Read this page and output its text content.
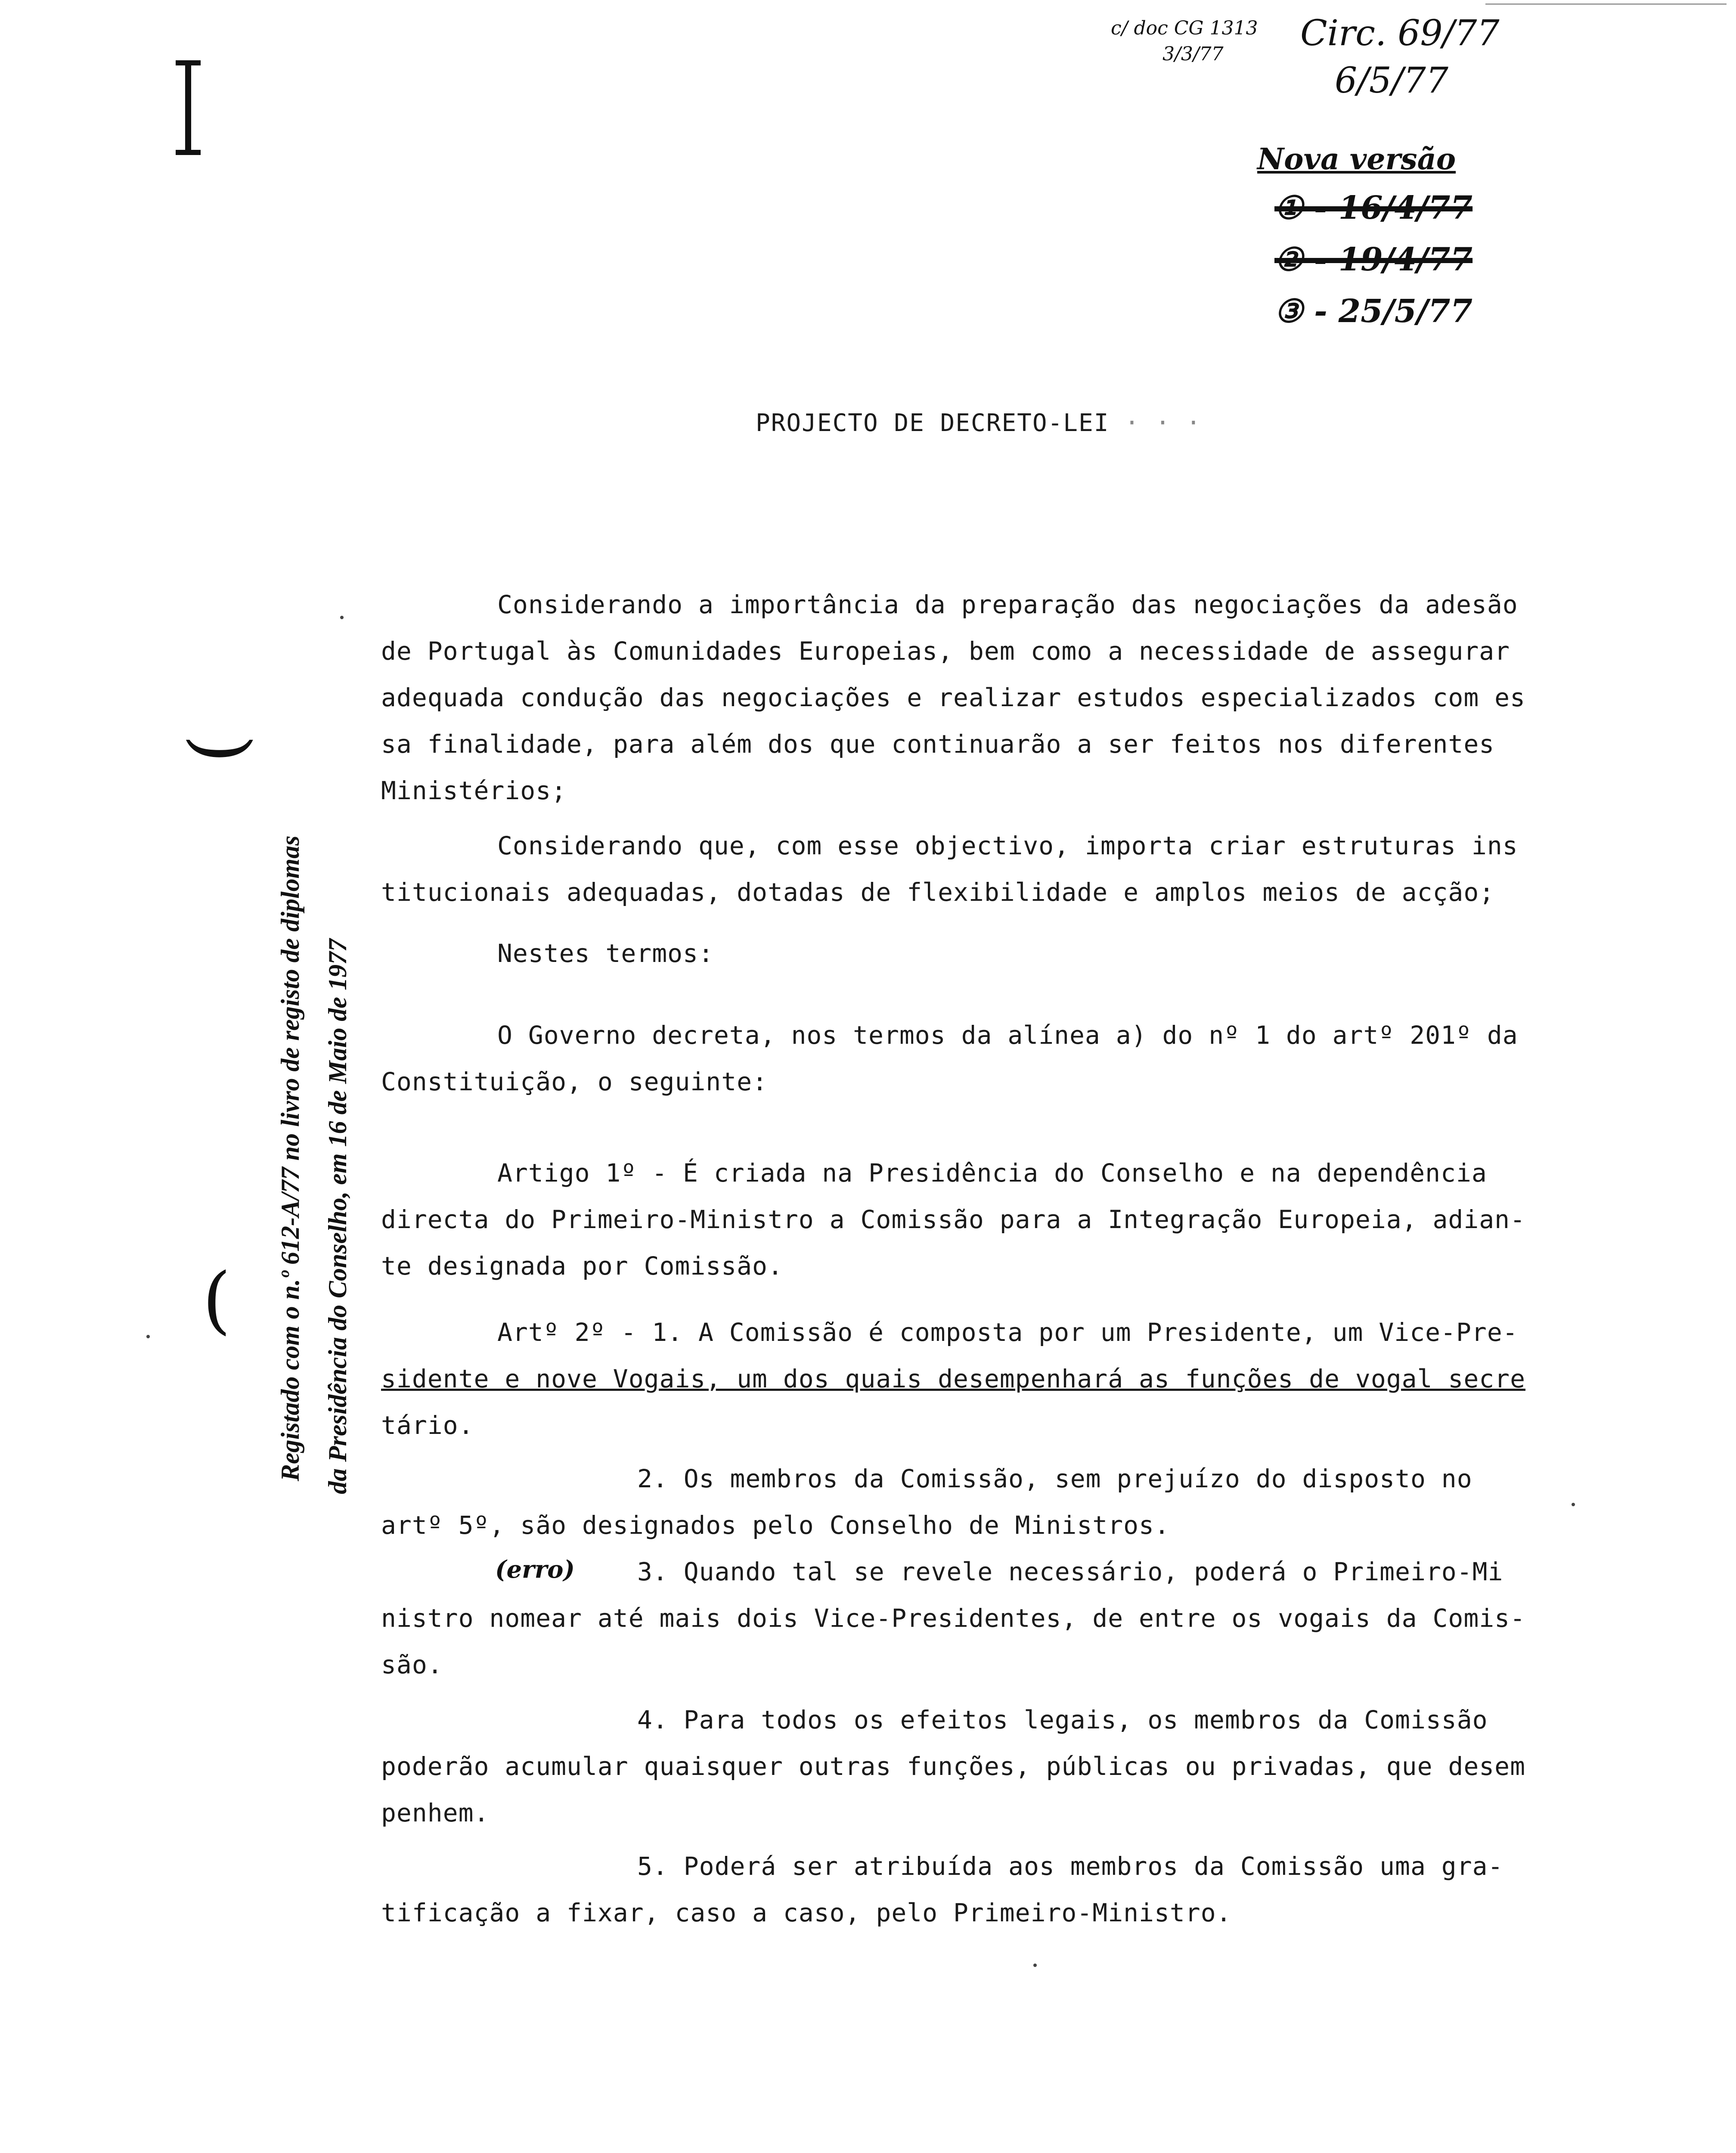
c/ doc CG 1313
3/3/77
Circ. 69/77
6/5/77
Nova versão
① - 16/4/77
② - 19/4/77
③ - 25/5/77
(
( Registado com o n.º 612-A/77 no livro de registo de diplomas da Presidência do Conselho, em 16 de Maio de 1977
PROJECTO DE DECRETO-LEI · · ·
Considerando a importância da preparação das negociações da adesão
de Portugal às Comunidades Europeias, bem como a necessidade de assegurar
adequada condução das negociações e realizar estudos especializados com es
sa finalidade, para além dos que continuarão a ser feitos nos diferentes
Ministérios;
Considerando que, com esse objectivo, importa criar estruturas ins
titucionais adequadas, dotadas de flexibilidade e amplos meios de acção;
Nestes termos:
O Governo decreta, nos termos da alínea a) do nº 1 do artº 201º da
Constituição, o seguinte:
Artigo 1º - É criada na Presidência do Conselho e na dependência
directa do Primeiro-Ministro a Comissão para a Integração Europeia, adian-
te designada por Comissão.
Artº 2º - 1. A Comissão é composta por um Presidente, um Vice-Pre-
sidente e nove Vogais, um dos quais desempenhará as funções de vogal secre
tário.
2. Os membros da Comissão, sem prejuízo do disposto no
artº 5º, são designados pelo Conselho de Ministros.
(erro)	3. Quando tal se revele necessário, poderá o Primeiro-Mi
nistro nomear até mais dois Vice-Presidentes, de entre os vogais da Comis-
são.
4. Para todos os efeitos legais, os membros da Comissão
poderão acumular quaisquer outras funções, públicas ou privadas, que desem
penhem.
5. Poderá ser atribuída aos membros da Comissão uma gra-
tificação a fixar, caso a caso, pelo Primeiro-Ministro.
